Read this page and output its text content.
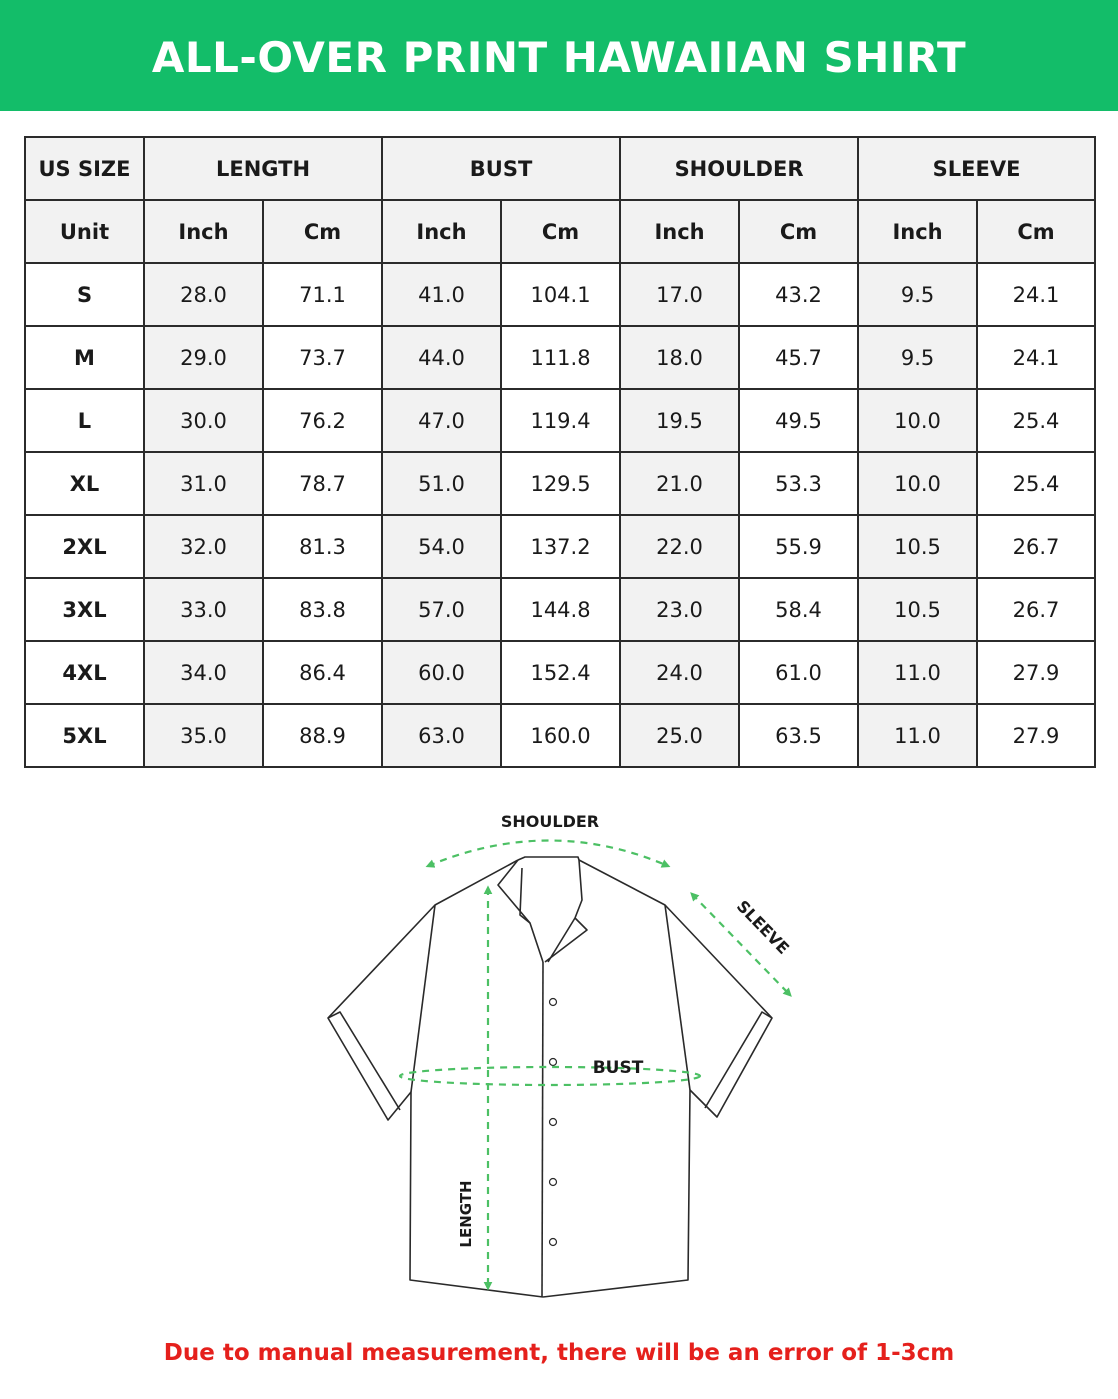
ALL-OVER PRINT HAWAIIAN SHIRT
US SIZE	LENGTH		BUST		SHOULDER		SLEEVE	
Unit	Inch	Cm	Inch	Cm	Inch	Cm	Inch	Cm
S	28.0	71.1	41.0	104.1	17.0	43.2	9.5	24.1
M	29.0	73.7	44.0	111.8	18.0	45.7	9.5	24.1
L	30.0	76.2	47.0	119.4	19.5	49.5	10.0	25.4
XL	31.0	78.7	51.0	129.5	21.0	53.3	10.0	25.4
2XL	32.0	81.3	54.0	137.2	22.0	55.9	10.5	26.7
3XL	33.0	83.8	57.0	144.8	23.0	58.4	10.5	26.7
4XL	34.0	86.4	60.0	152.4	24.0	61.0	11.0	27.9
5XL	35.0	88.9	63.0	160.0	25.0	63.5	11.0	27.9
SHOULDER
SLEEVE
BUST
LENGTH
Due to manual measurement, there will be an error of 1-3cm
